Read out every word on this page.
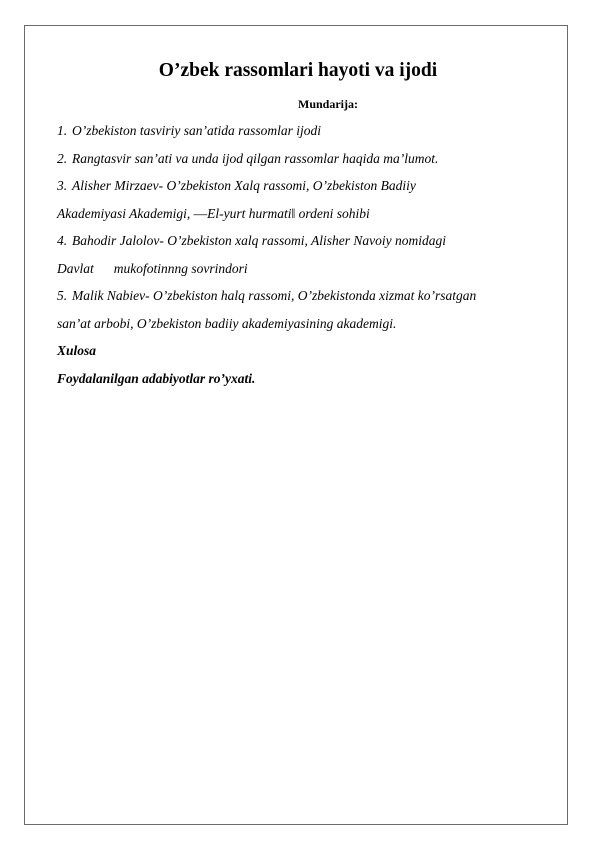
O’zbek rassomlari hayoti va ijodi
Mundarija:
1. O’zbekiston tasviriy san’atida rassomlar ijodi
2. Rangtasvir san’ati va unda ijod qilgan rassomlar haqida ma’lumot.
3. Alisher Mirzaev- O’zbekiston Xalq rassomi, O’zbekiston Badiiy
Akademiyasi Akademigi, ―El-yurt hurmati‖ ordeni sohibi
4. Bahodir Jalolov- O’zbekiston xalq rassomi, Alisher Navoiy nomidagi
Davlat mukofotinnng sovrindori
5. Malik Nabiev- O’zbekiston halq rassomi, O’zbekistonda xizmat ko’rsatgan
san’at arbobi, O’zbekiston badiiy akademiyasining akademigi.
Xulosa
Foydalanilgan adabiyotlar ro’yxati.
